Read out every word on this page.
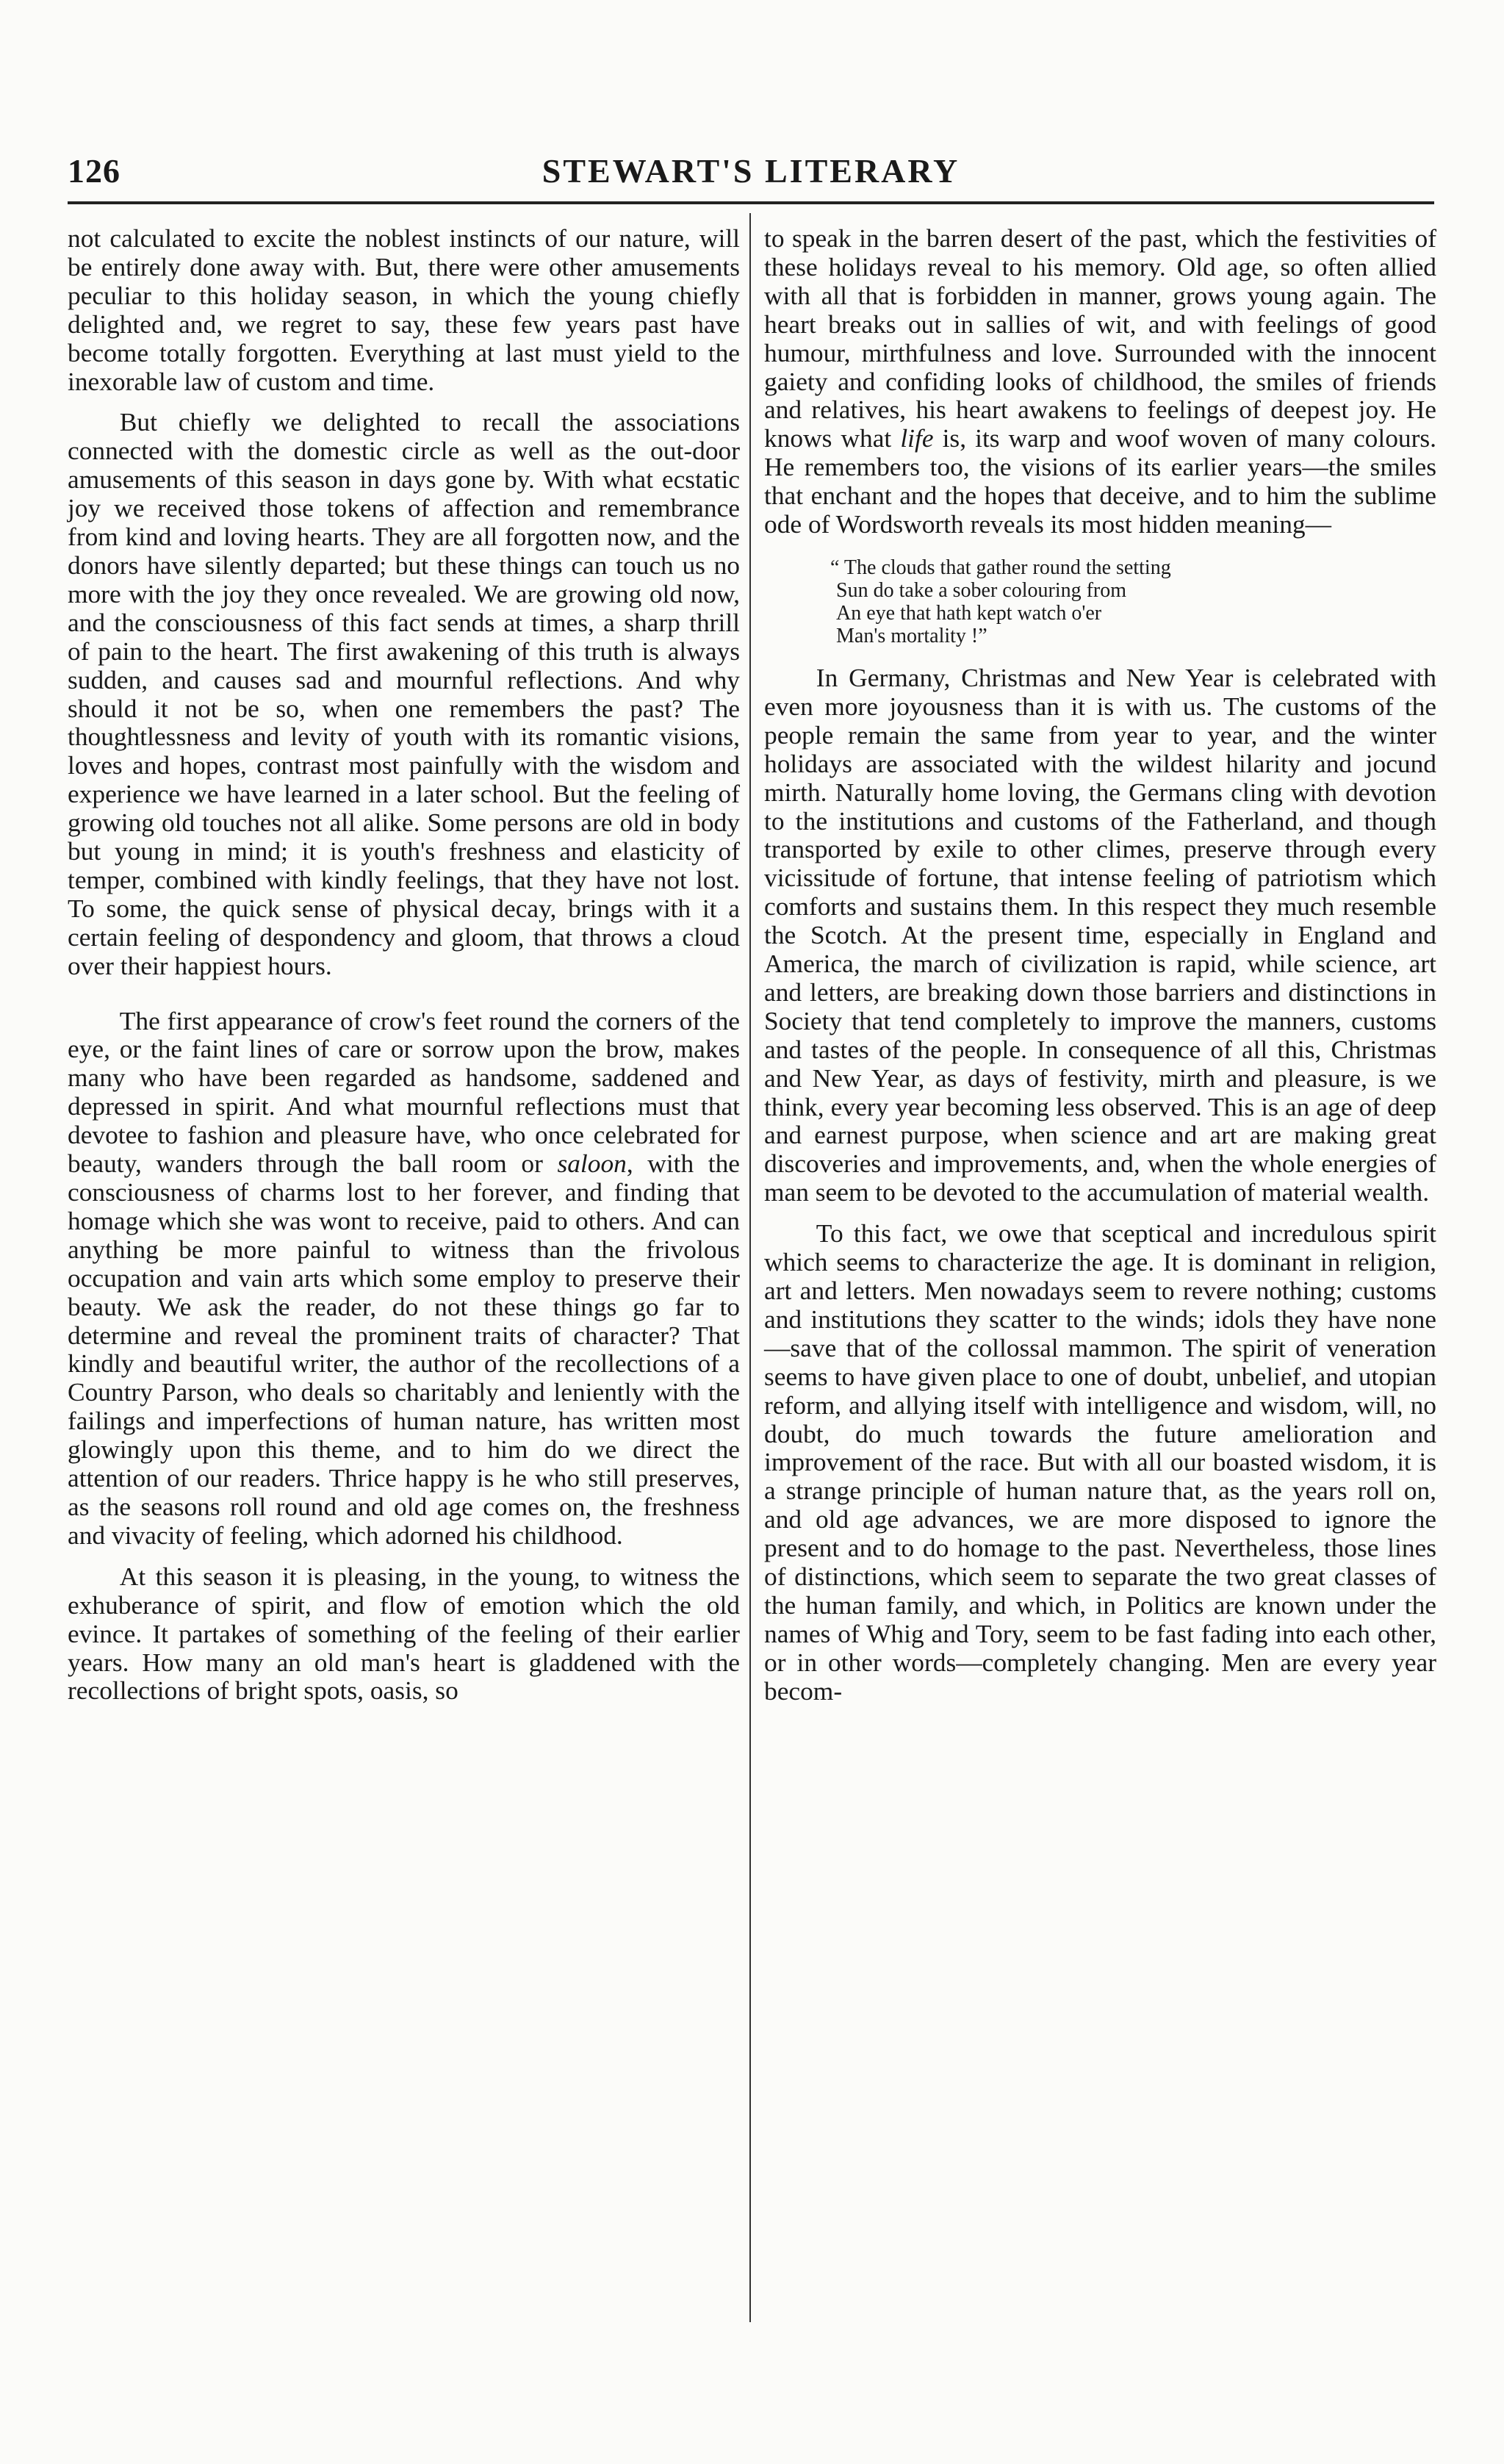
126	STEWART'S LITERARY

not calculated to excite the noblest instincts of our nature, will be entirely done away with. But, there were other amusements peculiar to this holiday season, in which the young chiefly delighted and, we regret to say, these few years past have become totally forgotten. Everything at last must yield to the inexorable law of custom and time.

But chiefly we delighted to recall the associations connected with the domestic circle as well as the out-door amusements of this season in days gone by. With what ecstatic joy we received those tokens of affection and remembrance from kind and loving hearts. They are all forgotten now, and the donors have silently departed; but these things can touch us no more with the joy they once revealed. We are growing old now, and the consciousness of this fact sends at times, a sharp thrill of pain to the heart. The first awakening of this truth is always sudden, and causes sad and mournful reflections. And why should it not be so, when one remembers the past? The thoughtlessness and levity of youth with its romantic visions, loves and hopes, contrast most painfully with the wisdom and experience we have learned in a later school. But the feeling of growing old touches not all alike. Some persons are old in body but young in mind; it is youth's freshness and elasticity of temper, combined with kindly feelings, that they have not lost. To some, the quick sense of physical decay, brings with it a certain feeling of despondency and gloom, that throws a cloud over their happiest hours.

The first appearance of crow's feet round the corners of the eye, or the faint lines of care or sorrow upon the brow, makes many who have been regarded as handsome, saddened and depressed in spirit. And what mournful reflections must that devotee to fashion and pleasure have, who once celebrated for beauty, wanders through the ball room or saloon, with the consciousness of charms lost to her forever, and finding that homage which she was wont to receive, paid to others. And can anything be more painful to witness than the frivolous occupation and vain arts which some employ to preserve their beauty. We ask the reader, do not these things go far to determine and reveal the prominent traits of character? That kindly and beautiful writer, the author of the recollections of a Country Parson, who deals so charitably and leniently with the failings and imperfections of human nature, has written most glowingly upon this theme, and to him do we direct the attention of our readers. Thrice happy is he who still preserves, as the seasons roll round and old age comes on, the freshness and vivacity of feeling, which adorned his childhood.

At this season it is pleasing, in the young, to witness the exhuberance of spirit, and flow of emotion which the old evince. It partakes of something of the feeling of their earlier years. How many an old man's heart is gladdened with the recollections of bright spots, oasis, so

to speak in the barren desert of the past, which the festivities of these holidays reveal to his memory. Old age, so often allied with all that is forbidden in manner, grows young again. The heart breaks out in sallies of wit, and with feelings of good humour, mirthfulness and love. Surrounded with the innocent gaiety and confiding looks of childhood, the smiles of friends and relatives, his heart awakens to feelings of deepest joy. He knows what life is, its warp and woof woven of many colours. He remembers too, the visions of its earlier years—the smiles that enchant and the hopes that deceive, and to him the sublime ode of Wordsworth reveals its most hidden meaning—

“ The clouds that gather round the setting
Sun do take a sober colouring from
An eye that hath kept watch o'er
Man's mortality !”

In Germany, Christmas and New Year is celebrated with even more joyousness than it is with us. The customs of the people remain the same from year to year, and the winter holidays are associated with the wildest hilarity and jocund mirth. Naturally home loving, the Germans cling with devotion to the institutions and customs of the Fatherland, and though transported by exile to other climes, preserve through every vicissitude of fortune, that intense feeling of patriotism which comforts and sustains them. In this respect they much resemble the Scotch. At the present time, especially in England and America, the march of civilization is rapid, while science, art and letters, are breaking down those barriers and distinctions in Society that tend completely to improve the manners, customs and tastes of the people. In consequence of all this, Christmas and New Year, as days of festivity, mirth and pleasure, is we think, every year becoming less observed. This is an age of deep and earnest purpose, when science and art are making great discoveries and improvements, and, when the whole energies of man seem to be devoted to the accumulation of material wealth.

To this fact, we owe that sceptical and incredulous spirit which seems to characterize the age. It is dominant in religion, art and letters. Men nowadays seem to revere nothing; customs and institutions they scatter to the winds; idols they have none—save that of the collossal mammon. The spirit of veneration seems to have given place to one of doubt, unbelief, and utopian reform, and allying itself with intelligence and wisdom, will, no doubt, do much towards the future amelioration and improvement of the race. But with all our boasted wisdom, it is a strange principle of human nature that, as the years roll on, and old age advances, we are more disposed to ignore the present and to do homage to the past. Nevertheless, those lines of distinctions, which seem to separate the two great classes of the human family, and which, in Politics are known under the names of Whig and Tory, seem to be fast fading into each other, or in other words—completely changing. Men are every year becom-
